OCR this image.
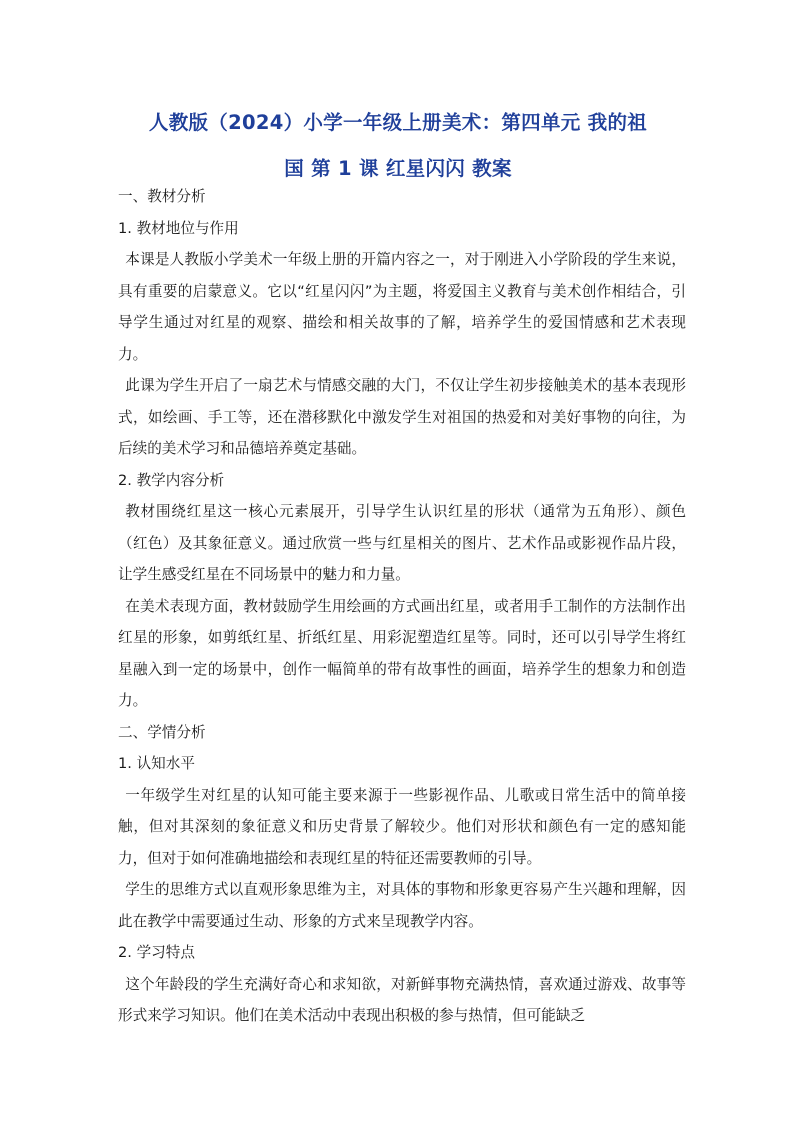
人教版（2024）小学一年级上册美术：第四单元 我的祖
国 第 1 课 红星闪闪 教案

一、教材分析

1. 教材地位与作用

本课是人教版小学美术一年级上册的开篇内容之一，对于刚进入小学阶段的学生来说，具有重要的启蒙意义。它以“红星闪闪”为主题，将爱国主义教育与美术创作相结合，引导学生通过对红星的观察、描绘和相关故事的了解，培养学生的爱国情感和艺术表现力。

此课为学生开启了一扇艺术与情感交融的大门，不仅让学生初步接触美术的基本表现形式，如绘画、手工等，还在潜移默化中激发学生对祖国的热爱和对美好事物的向往，为后续的美术学习和品德培养奠定基础。

2. 教学内容分析

教材围绕红星这一核心元素展开，引导学生认识红星的形状（通常为五角形）、颜色（红色）及其象征意义。通过欣赏一些与红星相关的图片、艺术作品或影视作品片段，让学生感受红星在不同场景中的魅力和力量。

在美术表现方面，教材鼓励学生用绘画的方式画出红星，或者用手工制作的方法制作出红星的形象，如剪纸红星、折纸红星、用彩泥塑造红星等。同时，还可以引导学生将红星融入到一定的场景中，创作一幅简单的带有故事性的画面，培养学生的想象力和创造力。

二、学情分析

1. 认知水平

一年级学生对红星的认知可能主要来源于一些影视作品、儿歌或日常生活中的简单接触，但对其深刻的象征意义和历史背景了解较少。他们对形状和颜色有一定的感知能力，但对于如何准确地描绘和表现红星的特征还需要教师的引导。

学生的思维方式以直观形象思维为主，对具体的事物和形象更容易产生兴趣和理解，因此在教学中需要通过生动、形象的方式来呈现教学内容。

2. 学习特点

这个年龄段的学生充满好奇心和求知欲，对新鲜事物充满热情，喜欢通过游戏、故事等形式来学习知识。他们在美术活动中表现出积极的参与热情，但可能缺乏
